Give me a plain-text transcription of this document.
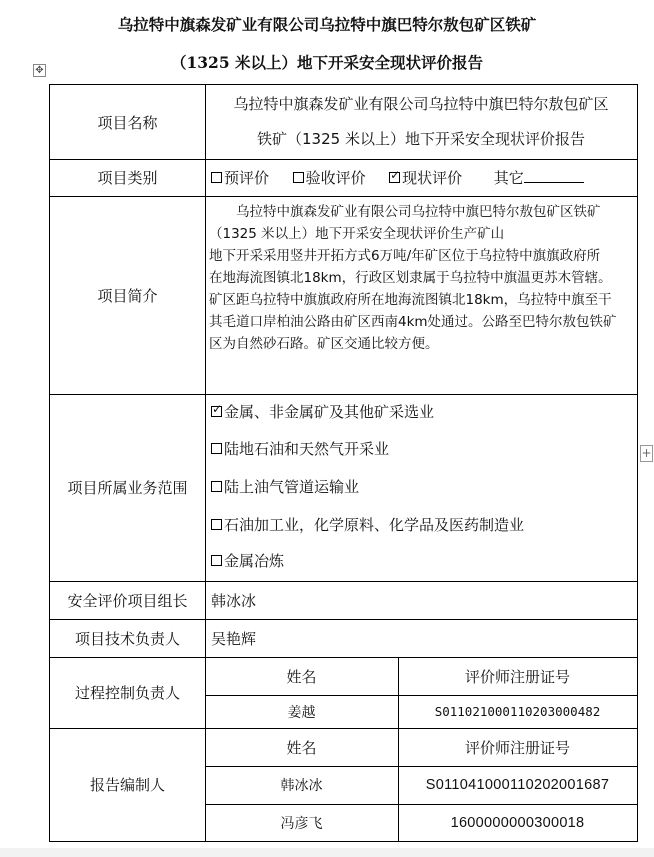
乌拉特中旗森发矿业有限公司乌拉特中旗巴特尔敖包矿区铁矿
（1325 米以上）地下开采安全现状评价报告
✥
+
项目名称
乌拉特中旗森发矿业有限公司乌拉特中旗巴特尔敖包矿区
铁矿（1325 米以上）地下开采安全现状评价报告
项目类别	预评价 验收评价  ✓ 现状评价 其它
项目简介

　　乌拉特中旗森发矿业有限公司乌拉特中旗巴特尔敖包矿区铁矿

（1325 米以上）地下开采安全现状评价生产矿山

地下开采采用竖井开拓方式6万吨/年矿区位于乌拉特中旗旗政府所

在地海流图镇北18km，行政区划隶属于乌拉特中旗温更苏木管辖。

矿区距乌拉特中旗旗政府所在地海流图镇北18km，乌拉特中旗至干

其毛道口岸柏油公路由矿区西南4km处通过。公路至巴特尔敖包铁矿

区为自然砂石路。矿区交通比较方便。

项目所属业务范围
✓金属、非金属矿及其他矿采选业
陆地石油和天然气开采业
陆上油气管道运输业
石油加工业，化学原料、化学品及医药制造业
金属冶炼
安全评价项目组长	韩冰冰
项目技术负责人	吴艳辉
过程控制负责人
姓名	评价师注册证号
姜越	S011021000110203000482
报告编制人
姓名	评价师注册证号
韩冰冰	S011041000110202001687
冯彦飞	1600000000300018
